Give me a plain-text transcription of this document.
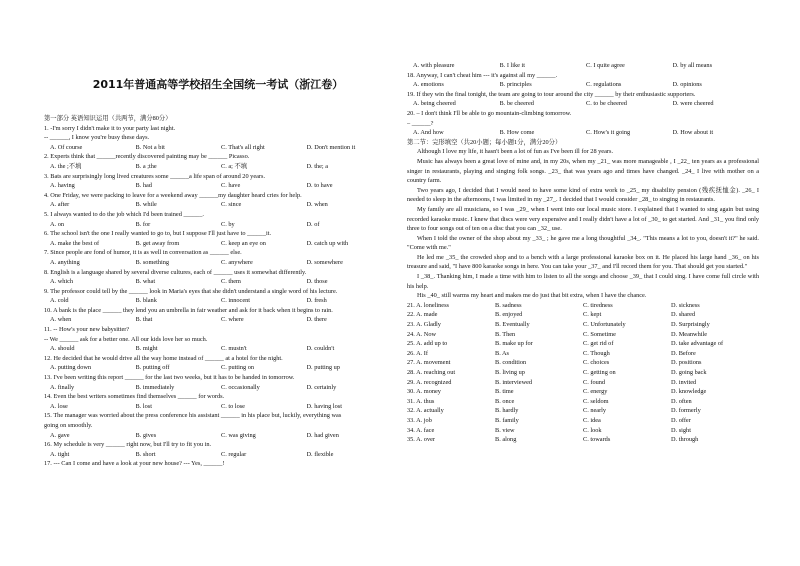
2011年普通高等学校招生全国统一考试（浙江卷）
第一部分 英语知识运用（共两节，满分80分）
1. -I'm sorry I didn't make it to your party last night.
-- ______, I know you're busy these days.
A. Of course	B. Not a bit	C. That's all right	D. Don't mention it
2. Experts think that ______recently discovered painting may be ______ Picasso.
A. the ;不填	B. a ;the	C. a; 不填	D. the; a
3. Bats are surprisingly long lived creatures some ______a life span of around 20 years.
A. having	B. had	C. have	D. to have
4. One Friday, we were packing to leave for a weekend away ______my daughter heard cries for help.
A. after	B. while	C. since	D. when
5. I always wanted to do the job which I'd been trained ______.
A. on	B. for	C. by	D. of
6. The school isn't the one I really wanted to go to, but I suppose I'll just have to ______it.
A. make the best of	B. get away from	C. keep an eye on	D. catch up with
7. Since people are fond of humor, it is as well in conversation as ______ else.
A. anything	B. something	C. anywhere	D. somewhere
8. English is a language shared by several diverse cultures, each of ______ uses it somewhat differently.
A. which	B. what	C. them	D. those
9. The professor could tell by the ______ look in Maria's eyes that she didn't understand a single word of his lecture.
A. cold	B. blank	C. innocent	D. fresh
10. A bank is the place ______ they lend you an umbrella in fair weather and ask for it back when it begins to rain.
A. when	B. that	C. where	D. there
11. -- How's your new babysitter?
-- We ______ ask for a better one. All our kids love her so much.
A. should	B. might	C. mustn't	D. couldn't
12. He decided that he would drive all the way home instead of ______ at a hotel for the night.
A. putting down	B. putting off	C. putting on	D. putting up
13. I've been writing this report ______ for the last two weeks, but it has to be handed in tomorrow.
A. finally	B. immediately	C. occasionally	D. certainly
14. Even the best writers sometimes find themselves ______ for words.
A. lose	B. lost	C. to lose	D. having lost
15. The manager was worried about the press conference his assistant ______ in his place but, luckily, everything was
going on smoothly.
A. gave	B. gives	C. was giving	D. had given
16. My schedule is very ______ right now, but I'll try to fit you in.
A. tight	B. short	C. regular	D. flexible
17. --- Can I come and have a look at your new house? --- Yes, ______!
A. with pleasure	B. I like it	C. I quite agree	D. by all means
18. Anyway, I can't cheat him --- it's against all my ______.
A. emotions	B. principles	C. regulations	D. opinions
19. If they win the final tonight, the team are going to tour around the city ______ by their enthusiastic supporters.
A. being cheered	B. be cheered	C. to be cheered	D. were cheered
20. – I don't think I'll be able to go mountain-climbing tomorrow.
– ______?
A. And how	B. How come	C. How's it going	D. How about it
第二节：完形填空（共20小题；每小题1分，满分20分）
Although I love my life, it hasn't been a lot of fun as I've been ill for 28 years.
Music has always been a great love of mine and, in my 20s, when my _21_ was more manageable , I _22_ ten years as a professional singer in restaurants, playing and singing folk songs. _23_ that was years ago and times have changed. _24_ I live with mother on a country farm.
Two years ago, I decided that I would need to have some kind of extra work to _25_ my disability pension (残疾抚恤金). _26_ I needed to sleep in the afternoons, I was limited in my _27_. I decided that I would consider _28_ to singing in restaurants.
My family are all musicians, so I was _29_ when I went into our local music store. I explained that I wanted to sing again but using recorded karaoke music. I knew that discs were very expensive and I really didn't have a lot of _30_ to get started. And _31_ you find only three to four songs out of ten on a disc that you can _32_ use.
When I told the owner of the shop about my _33_ ; he gave me a long thoughtful _34_. "This means a lot to you, doesn't it?" he said. "Come with me."
He led me _35_ the crowded shop and to a bench with a large professional karaoke box on it. He placed his large hand _36_ on his treasure and said, "I have 800 karaoke songs in here. You can take your _37_ and I'll record them for you. That should get you started."
I _38_. Thanking him, I made a time with him to listen to all the songs and choose _39_ that I could sing. I have come full circle with his help.
His _40_ still warms my heart and makes me do just that bit extra, when I have the chance.
21. A. loneliness	B. sadness	C. tiredness	D. sickness
22. A. made	B. enjoyed	C. kept	D. shared
23. A. Gladly	B. Eventually	C. Unfortunately	D. Surprisingly
24. A. Now	B. Then	C. Sometime	D. Meanwhile
25. A. add up to	B. make up for	C. get rid of	D. take advantage of
26. A. If	B. As	C. Though	D. Before
27. A. movement	B. condition	C. choices	D. positions
28. A. reaching out	B. living up	C. getting on	D. going back
29. A. recognized	B. interviewed	C. found	D. invited
30. A. money	B. time	C. energy	D. knowledge
31. A. thus	B. once	C. seldom	D. often
32. A. actually	B. hardly	C. nearly	D. formerly
33. A. job	B. family	C. idea	D. offer
34. A. face	B. view	C. look	D. sight
35. A. over	B. along	C. towards	D. through
